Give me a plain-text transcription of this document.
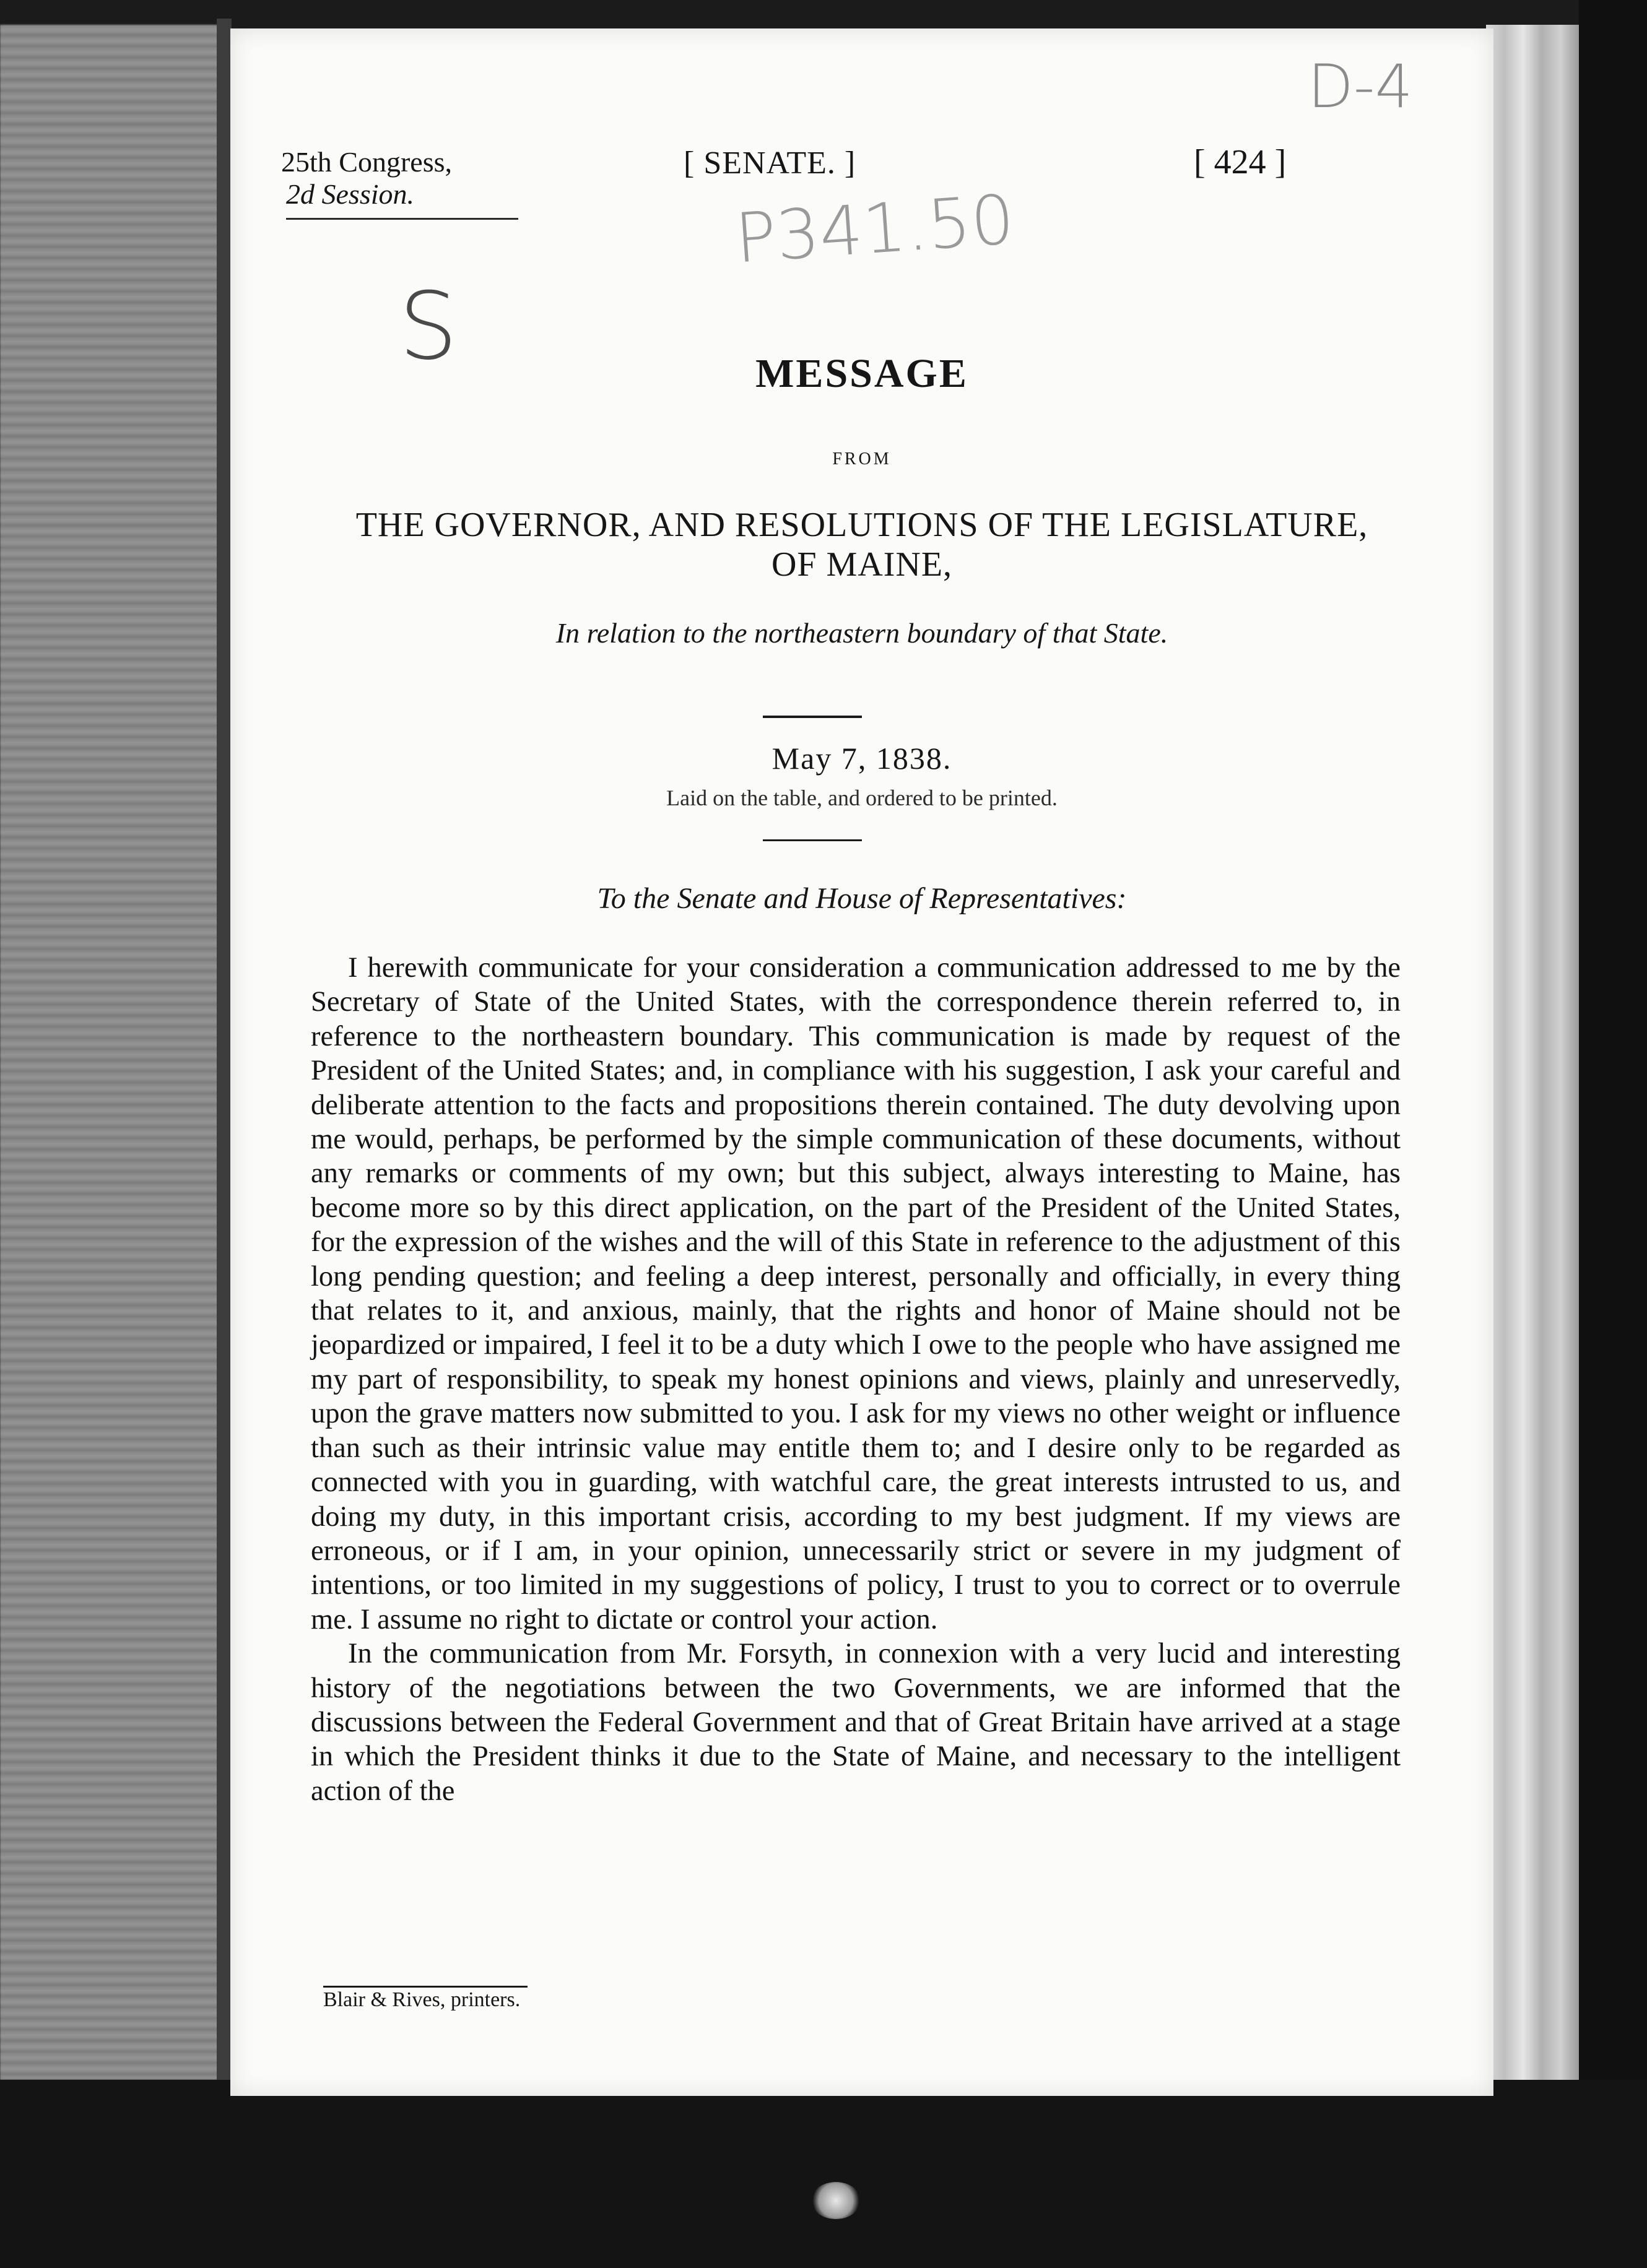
25th Congress,
2d Session.
[ SENATE. ]	[ 424 ]
D-4
P341.50
S	MESSAGE
FROM
THE GOVERNOR, AND RESOLUTIONS OF THE LEGISLATURE,
OF MAINE,
In relation to the northeastern boundary of that State.
May 7, 1838.
Laid on the table, and ordered to be printed.
To the Senate and House of Representatives:

I herewith communicate for your consideration a communication addressed to me by the Secretary of State of the United States, with the correspondence therein referred to, in reference to the northeastern boundary. This communication is made by request of the President of the United States; and, in compliance with his suggestion, I ask your careful and deliberate attention to the facts and propositions therein contained. The duty devolving upon me would, perhaps, be performed by the simple communication of these documents, without any remarks or comments of my own; but this subject, always interesting to Maine, has become more so by this direct application, on the part of the President of the United States, for the expression of the wishes and the will of this State in reference to the adjustment of this long pending question; and feeling a deep interest, personally and officially, in every thing that relates to it, and anxious, mainly, that the rights and honor of Maine should not be jeopardized or impaired, I feel it to be a duty which I owe to the people who have assigned me my part of responsibility, to speak my honest opinions and views, plainly and unreservedly, upon the grave matters now submitted to you. I ask for my views no other weight or influence than such as their intrinsic value may entitle them to; and I desire only to be regarded as connected with you in guarding, with watchful care, the great interests intrusted to us, and doing my duty, in this important crisis, according to my best judgment. If my views are erroneous, or if I am, in your opinion, unnecessarily strict or severe in my judgment of intentions, or too limited in my suggestions of policy, I trust to you to correct or to overrule me. I assume no right to dictate or control your action.

In the communication from Mr. Forsyth, in connexion with a very lucid and interesting history of the negotiations between the two Governments, we are informed that the discussions between the Federal Government and that of Great Britain have arrived at a stage in which the President thinks it due to the State of Maine, and necessary to the intelligent action of the

Blair & Rives, printers.
